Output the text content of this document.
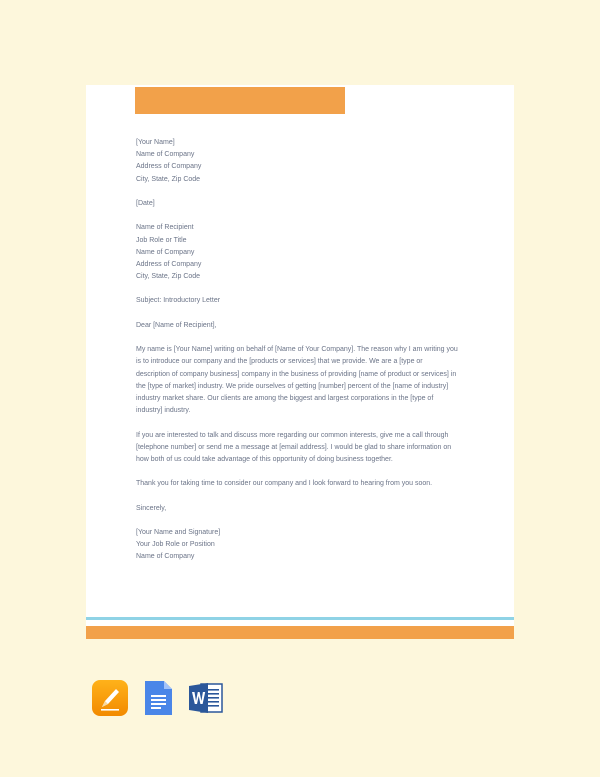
[Your Name]
Name of Company
Address of Company
City, State, Zip Code
[Date]
Name of Recipient
Job Role or Title
Name of Company
Address of Company
City, State, Zip Code
Subject: Introductory Letter
Dear [Name of Recipient],
My name is [Your Name] writing on behalf of [Name of Your Company]. The reason why I am writing you
is to introduce our company and the [products or services] that we provide. We are a [type or
description of company business] company in the business of providing [name of product or services] in
the [type of market] industry. We pride ourselves of getting [number] percent of the [name of industry]
industry market share. Our clients are among the biggest and largest corporations in the [type of
industry] industry.
If you are interested to talk and discuss more regarding our common interests, give me a call through
[telephone number] or send me a message at [email address]. I would be glad to share information on
how both of us could take advantage of this opportunity of doing business together.
Thank you for taking time to consider our company and I look forward to hearing from you soon.
Sincerely,
[Your Name and Signature]
Your Job Role or Position
Name of Company
